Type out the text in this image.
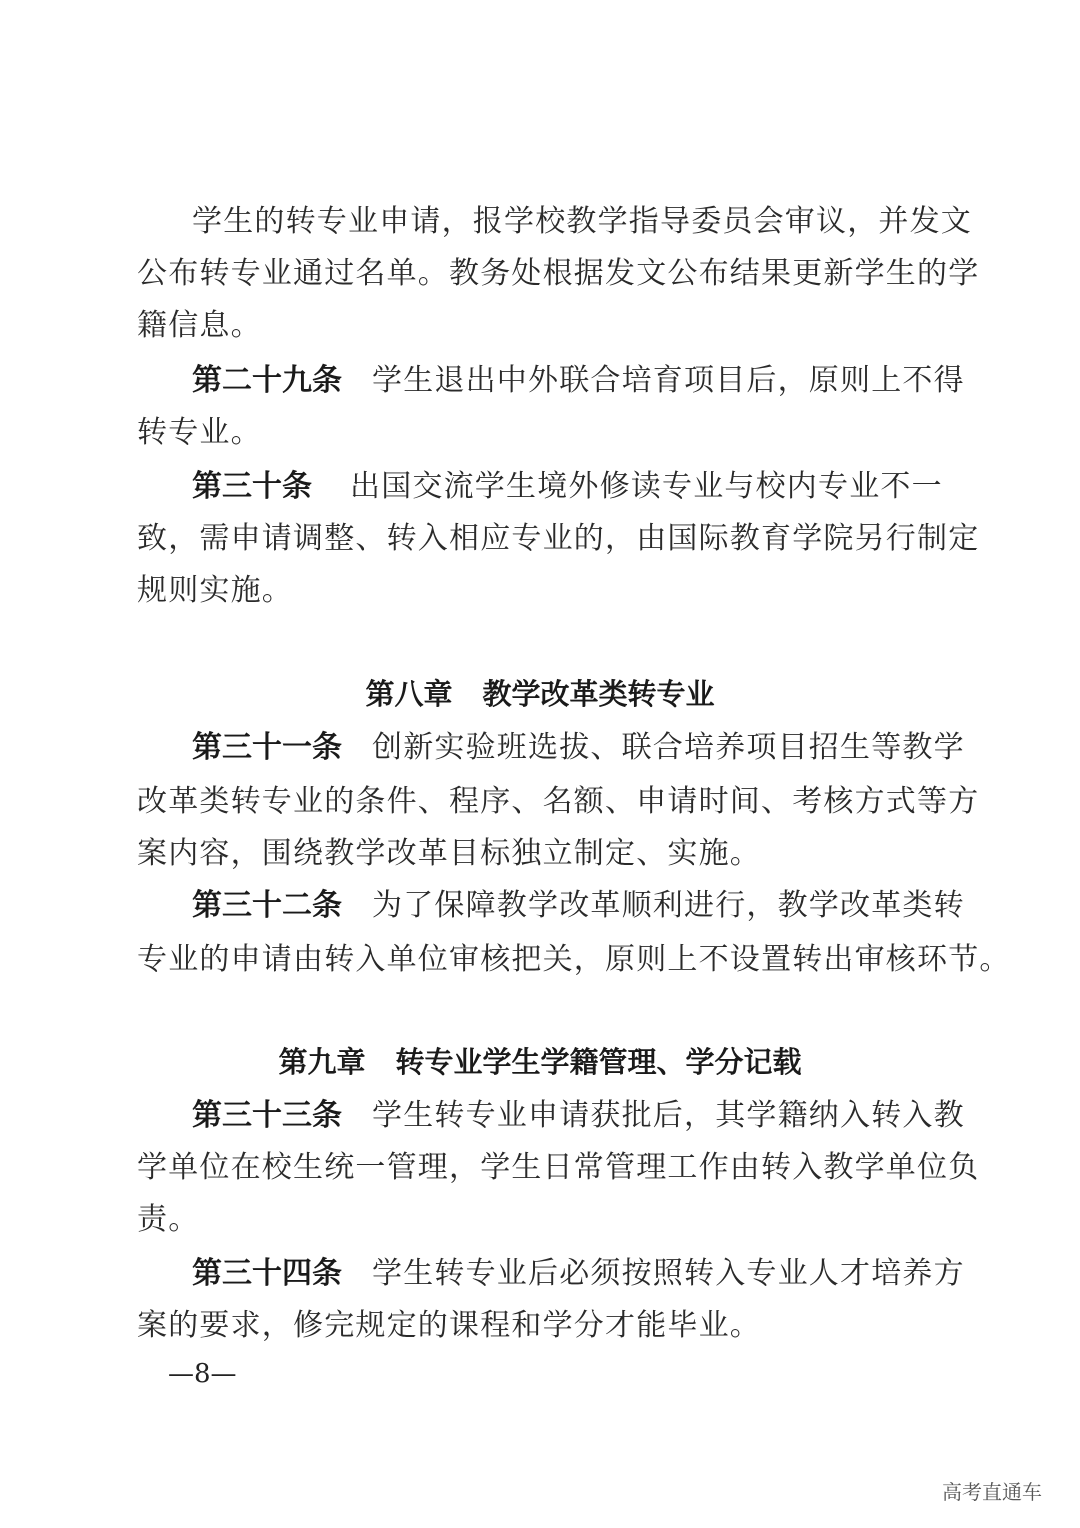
学生的转专业申请，报学校教学指导委员会审议，并发文
公布转专业通过名单。教务处根据发文公布结果更新学生的学
籍信息。
第二十九条 学生退出中外联合培育项目后，原则上不得
转专业。
第三十条 出国交流学生境外修读专业与校内专业不一
致，需申请调整、转入相应专业的，由国际教育学院另行制定
规则实施。
第八章 教学改革类转专业
第三十一条 创新实验班选拔、联合培养项目招生等教学
改革类转专业的条件、程序、名额、申请时间、考核方式等方
案内容，围绕教学改革目标独立制定、实施。
第三十二条 为了保障教学改革顺利进行，教学改革类转
专业的申请由转入单位审核把关，原则上不设置转出审核环节。
第九章 转专业学生学籍管理、学分记载
第三十三条 学生转专业申请获批后，其学籍纳入转入教
学单位在校生统一管理，学生日常管理工作由转入教学单位负
责。
第三十四条 学生转专业后必须按照转入专业人才培养方
案的要求，修完规定的课程和学分才能毕业。
—8—
高考直通车
